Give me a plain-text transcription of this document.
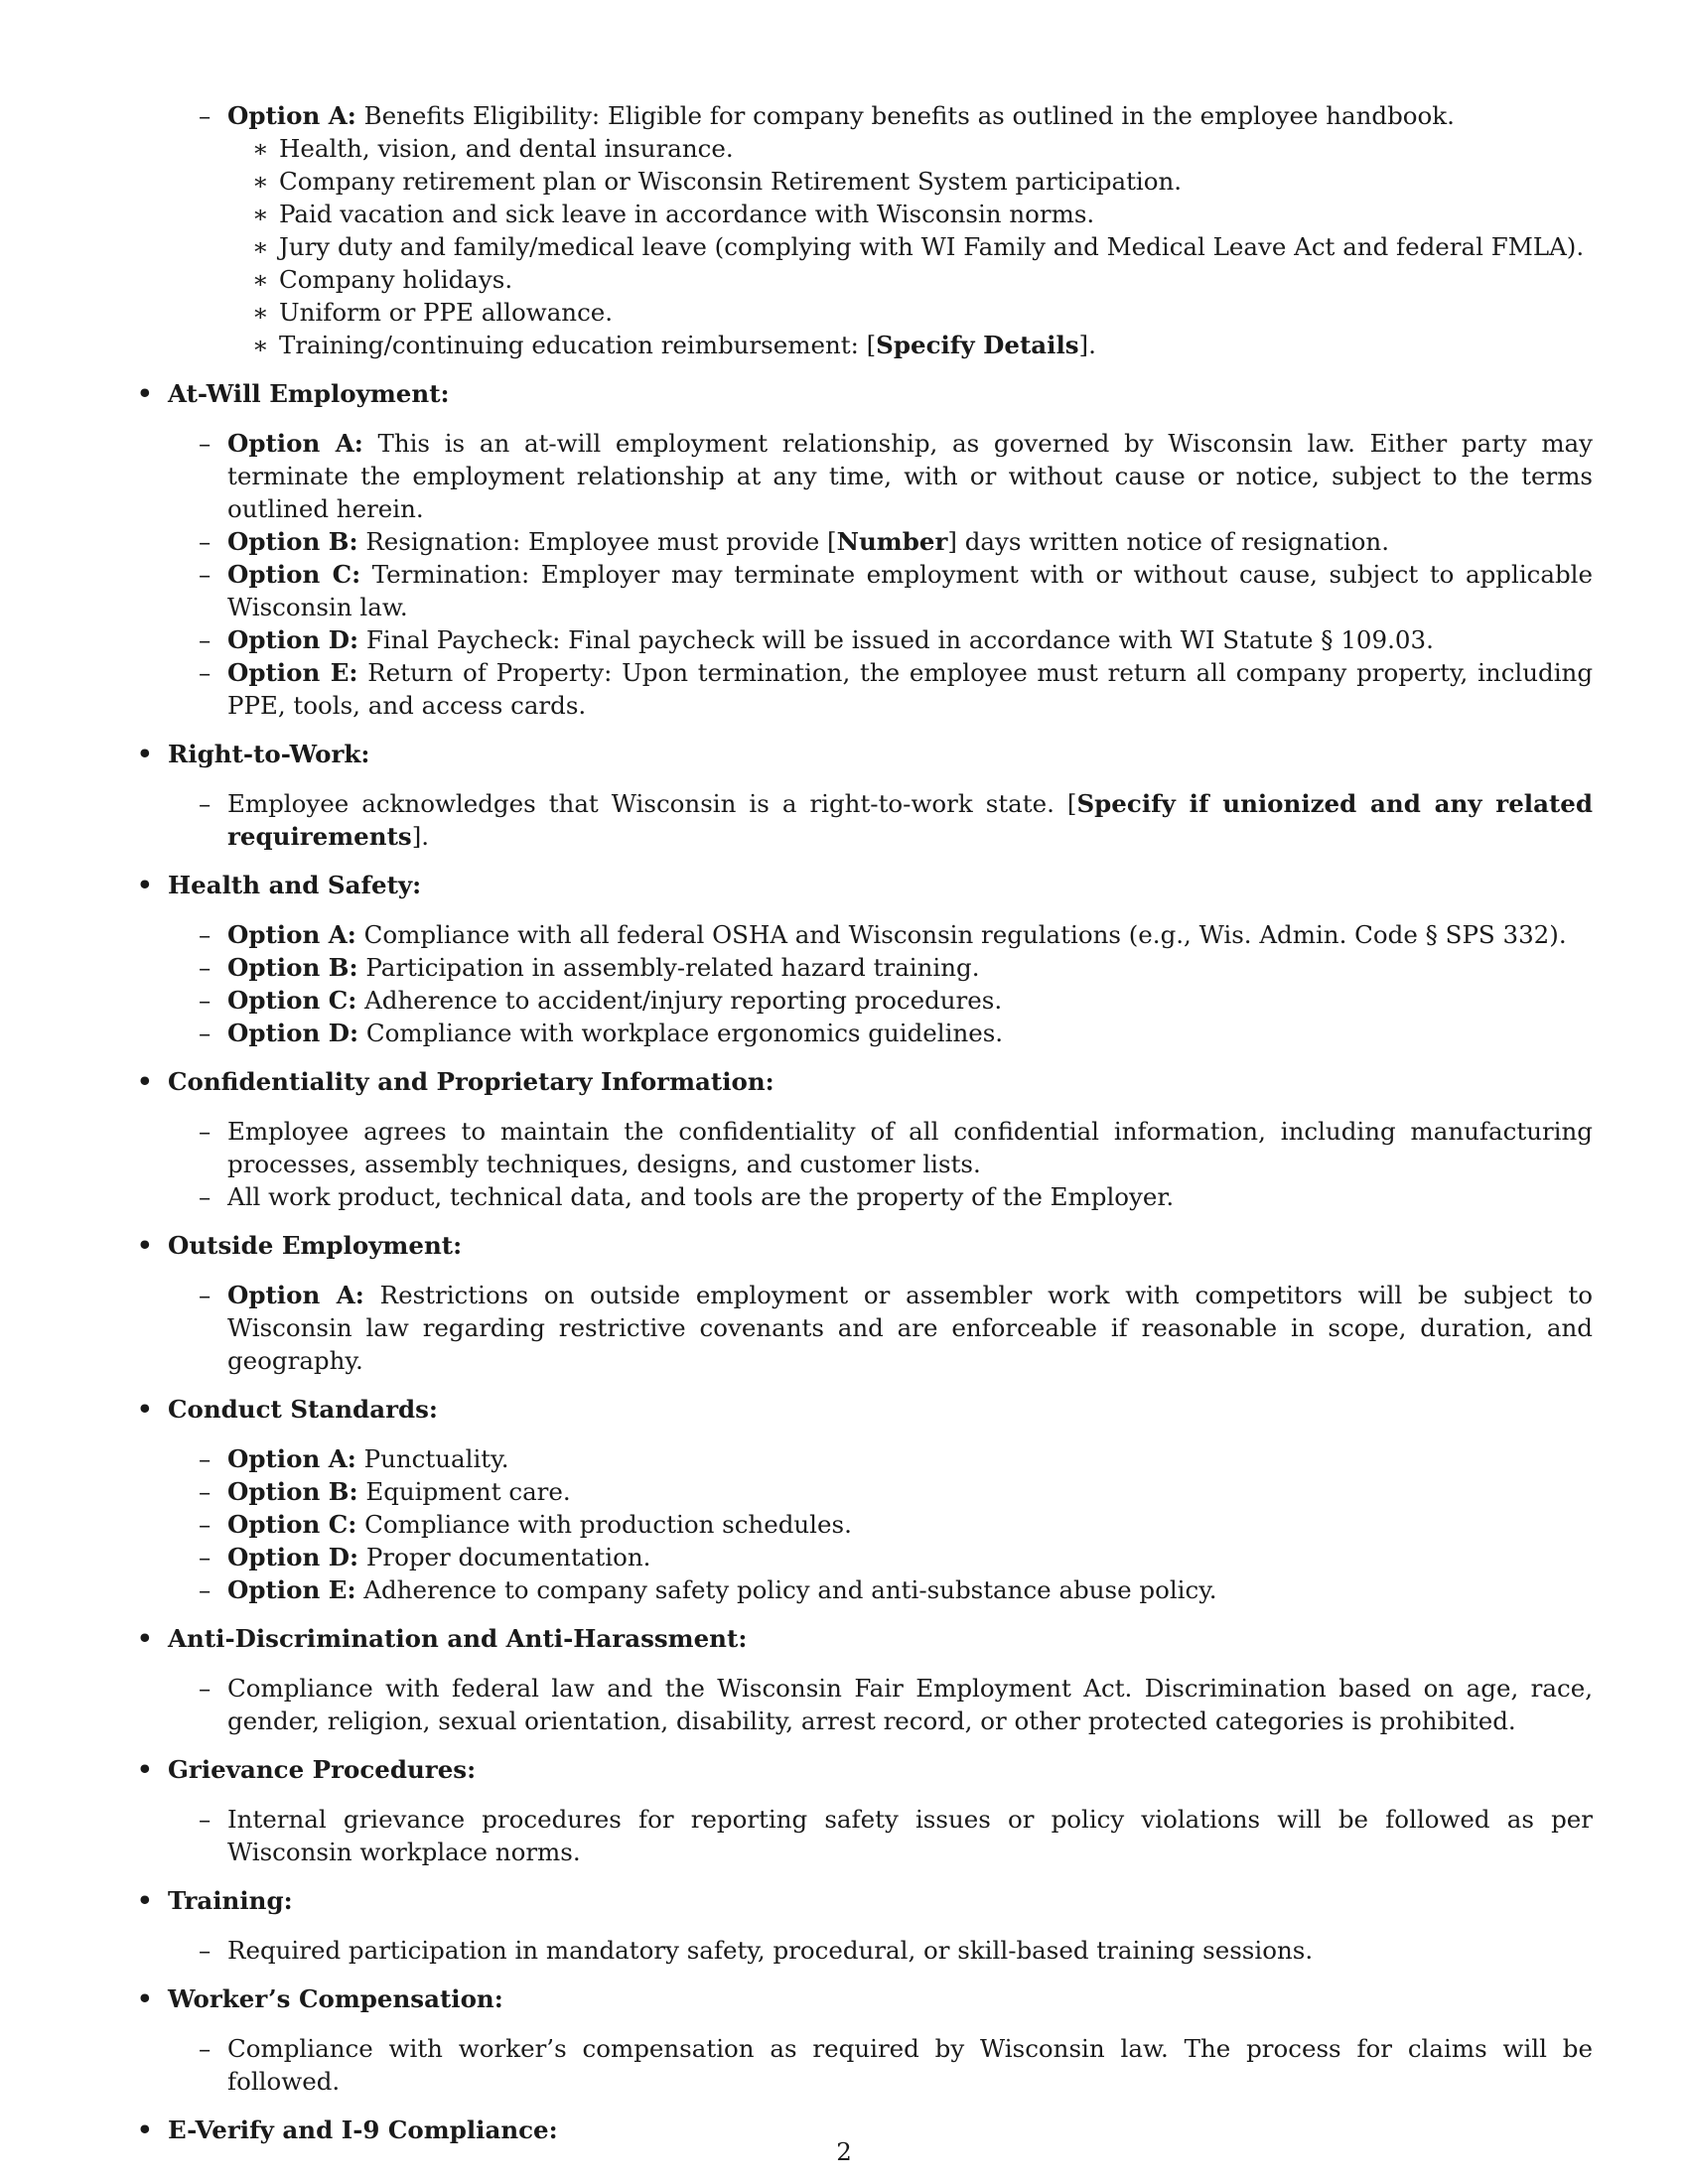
– Option A: Benefits Eligibility: Eligible for company benefits as outlined in the employee handbook.
∗ Health, vision, and dental insurance.
∗ Company retirement plan or Wisconsin Retirement System participation.
∗ Paid vacation and sick leave in accordance with Wisconsin norms.
∗ Jury duty and family/medical leave (complying with WI Family and Medical Leave Act and federal FMLA).
∗ Company holidays.
∗ Uniform or PPE allowance.
∗ Training/continuing education reimbursement: [Specify Details].
• At-Will Employment:
– Option A: This is an at-will employment relationship, as governed by Wisconsin law. Either party may terminate the employment relationship at any time, with or without cause or notice, subject to the terms outlined herein.
– Option B: Resignation: Employee must provide [Number] days written notice of resignation.
– Option C: Termination: Employer may terminate employment with or without cause, subject to applicable Wisconsin law.
– Option D: Final Paycheck: Final paycheck will be issued in accordance with WI Statute § 109.03.
– Option E: Return of Property: Upon termination, the employee must return all company property, including PPE, tools, and access cards.
• Right-to-Work:
– Employee acknowledges that Wisconsin is a right-to-work state. [Specify if unionized and any related requirements].
• Health and Safety:
– Option A: Compliance with all federal OSHA and Wisconsin regulations (e.g., Wis. Admin. Code § SPS 332).
– Option B: Participation in assembly-related hazard training.
– Option C: Adherence to accident/injury reporting procedures.
– Option D: Compliance with workplace ergonomics guidelines.
• Confidentiality and Proprietary Information:
– Employee agrees to maintain the confidentiality of all confidential information, including manufacturing processes, assembly techniques, designs, and customer lists.
– All work product, technical data, and tools are the property of the Employer.
• Outside Employment:
– Option A: Restrictions on outside employment or assembler work with competitors will be subject to Wisconsin law regarding restrictive covenants and are enforceable if reasonable in scope, duration, and geography.
• Conduct Standards:
– Option A: Punctuality.
– Option B: Equipment care.
– Option C: Compliance with production schedules.
– Option D: Proper documentation.
– Option E: Adherence to company safety policy and anti-substance abuse policy.
• Anti-Discrimination and Anti-Harassment:
– Compliance with federal law and the Wisconsin Fair Employment Act. Discrimination based on age, race, gender, religion, sexual orientation, disability, arrest record, or other protected categories is prohibited.
• Grievance Procedures:
– Internal grievance procedures for reporting safety issues or policy violations will be followed as per Wisconsin workplace norms.
• Training:
– Required participation in mandatory safety, procedural, or skill-based training sessions.
• Worker’s Compensation:
– Compliance with worker’s compensation as required by Wisconsin law. The process for claims will be followed.
• E-Verify and I-9 Compliance:
2
